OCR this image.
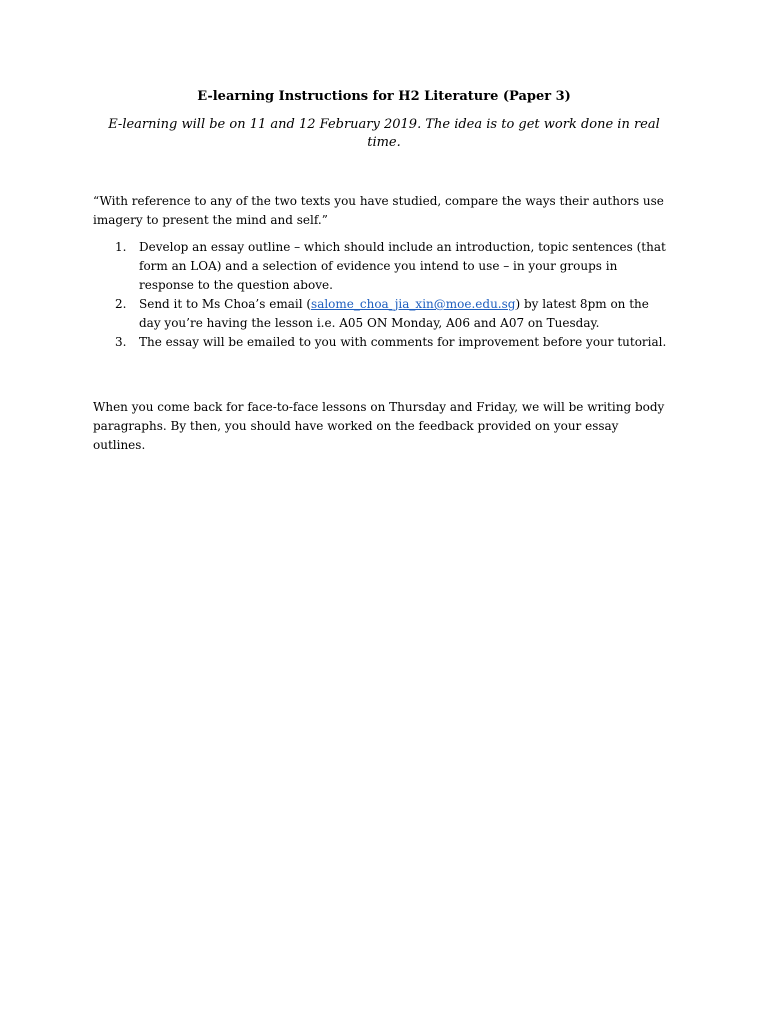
E-learning Instructions for H2 Literature (Paper 3)
E-learning will be on 11 and 12 February 2019. The idea is to get work done in real time.
“With reference to any of the two texts you have studied, compare the ways their authors use imagery to present the mind and self.”
1. Develop an essay outline – which should include an introduction, topic sentences (that form an LOA) and a selection of evidence you intend to use – in your groups in response to the question above.
2. Send it to Ms Choa’s email (salome_choa_jia_xin@moe.edu.sg) by latest 8pm on the day you’re having the lesson i.e. A05 ON Monday, A06 and A07 on Tuesday.
3. The essay will be emailed to you with comments for improvement before your tutorial.
When you come back for face-to-face lessons on Thursday and Friday, we will be writing body paragraphs. By then, you should have worked on the feedback provided on your essay outlines.
